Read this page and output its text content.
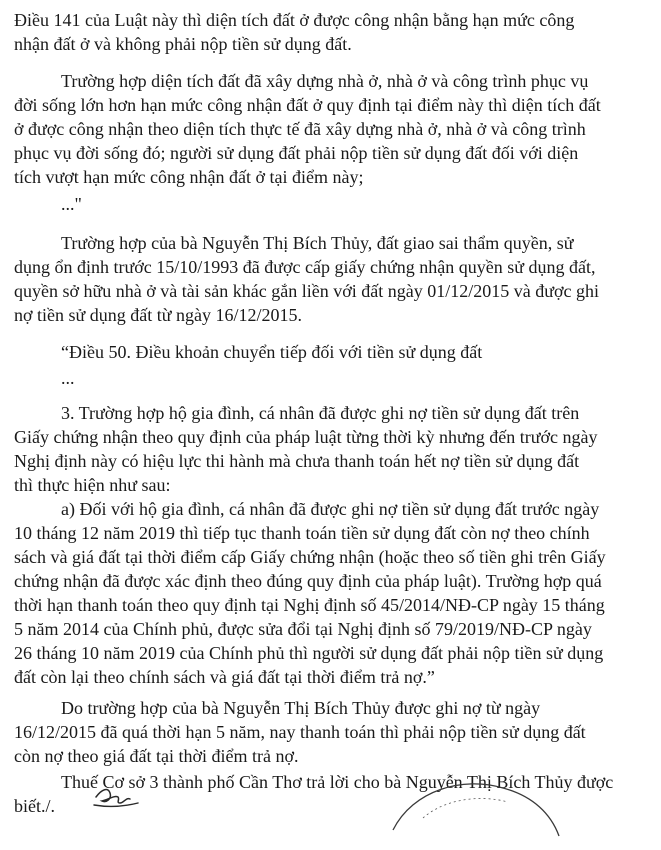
Điều 141 của Luật này thì diện tích đất ở được công nhận bằng hạn mức công
nhận đất ở và không phải nộp tiền sử dụng đất.
Trường hợp diện tích đất đã xây dựng nhà ở, nhà ở và công trình phục vụ
đời sống lớn hơn hạn mức công nhận đất ở quy định tại điểm này thì diện tích đất
ở được công nhận theo diện tích thực tế đã xây dựng nhà ở, nhà ở và công trình
phục vụ đời sống đó; người sử dụng đất phải nộp tiền sử dụng đất đối với diện
tích vượt hạn mức công nhận đất ở tại điểm này;
..."
Trường hợp của bà Nguyễn Thị Bích Thủy, đất giao sai thẩm quyền, sử
dụng ổn định trước 15/10/1993 đã được cấp giấy chứng nhận quyền sử dụng đất,
quyền sở hữu nhà ở và tài sản khác gắn liền với đất ngày 01/12/2015 và được ghi
nợ tiền sử dụng đất từ ngày 16/12/2015.
“Điều 50. Điều khoản chuyển tiếp đối với tiền sử dụng đất
...
3. Trường hợp hộ gia đình, cá nhân đã được ghi nợ tiền sử dụng đất trên
Giấy chứng nhận theo quy định của pháp luật từng thời kỳ nhưng đến trước ngày
Nghị định này có hiệu lực thi hành mà chưa thanh toán hết nợ tiền sử dụng đất
thì thực hiện như sau:
a) Đối với hộ gia đình, cá nhân đã được ghi nợ tiền sử dụng đất trước ngày
10 tháng 12 năm 2019 thì tiếp tục thanh toán tiền sử dụng đất còn nợ theo chính
sách và giá đất tại thời điểm cấp Giấy chứng nhận (hoặc theo số tiền ghi trên Giấy
chứng nhận đã được xác định theo đúng quy định của pháp luật). Trường hợp quá
thời hạn thanh toán theo quy định tại Nghị định số 45/2014/NĐ-CP ngày 15 tháng
5 năm 2014 của Chính phủ, được sửa đổi tại Nghị định số 79/2019/NĐ-CP ngày
26 tháng 10 năm 2019 của Chính phủ thì người sử dụng đất phải nộp tiền sử dụng
đất còn lại theo chính sách và giá đất tại thời điểm trả nợ.”
Do trường hợp của bà Nguyễn Thị Bích Thủy được ghi nợ từ ngày
16/12/2015 đã quá thời hạn 5 năm, nay thanh toán thì phải nộp tiền sử dụng đất
còn nợ theo giá đất tại thời điểm trả nợ.
Thuế Cơ sở 3 thành phố Cần Thơ trả lời cho bà Nguyễn Thị Bích Thủy được
biết./.
